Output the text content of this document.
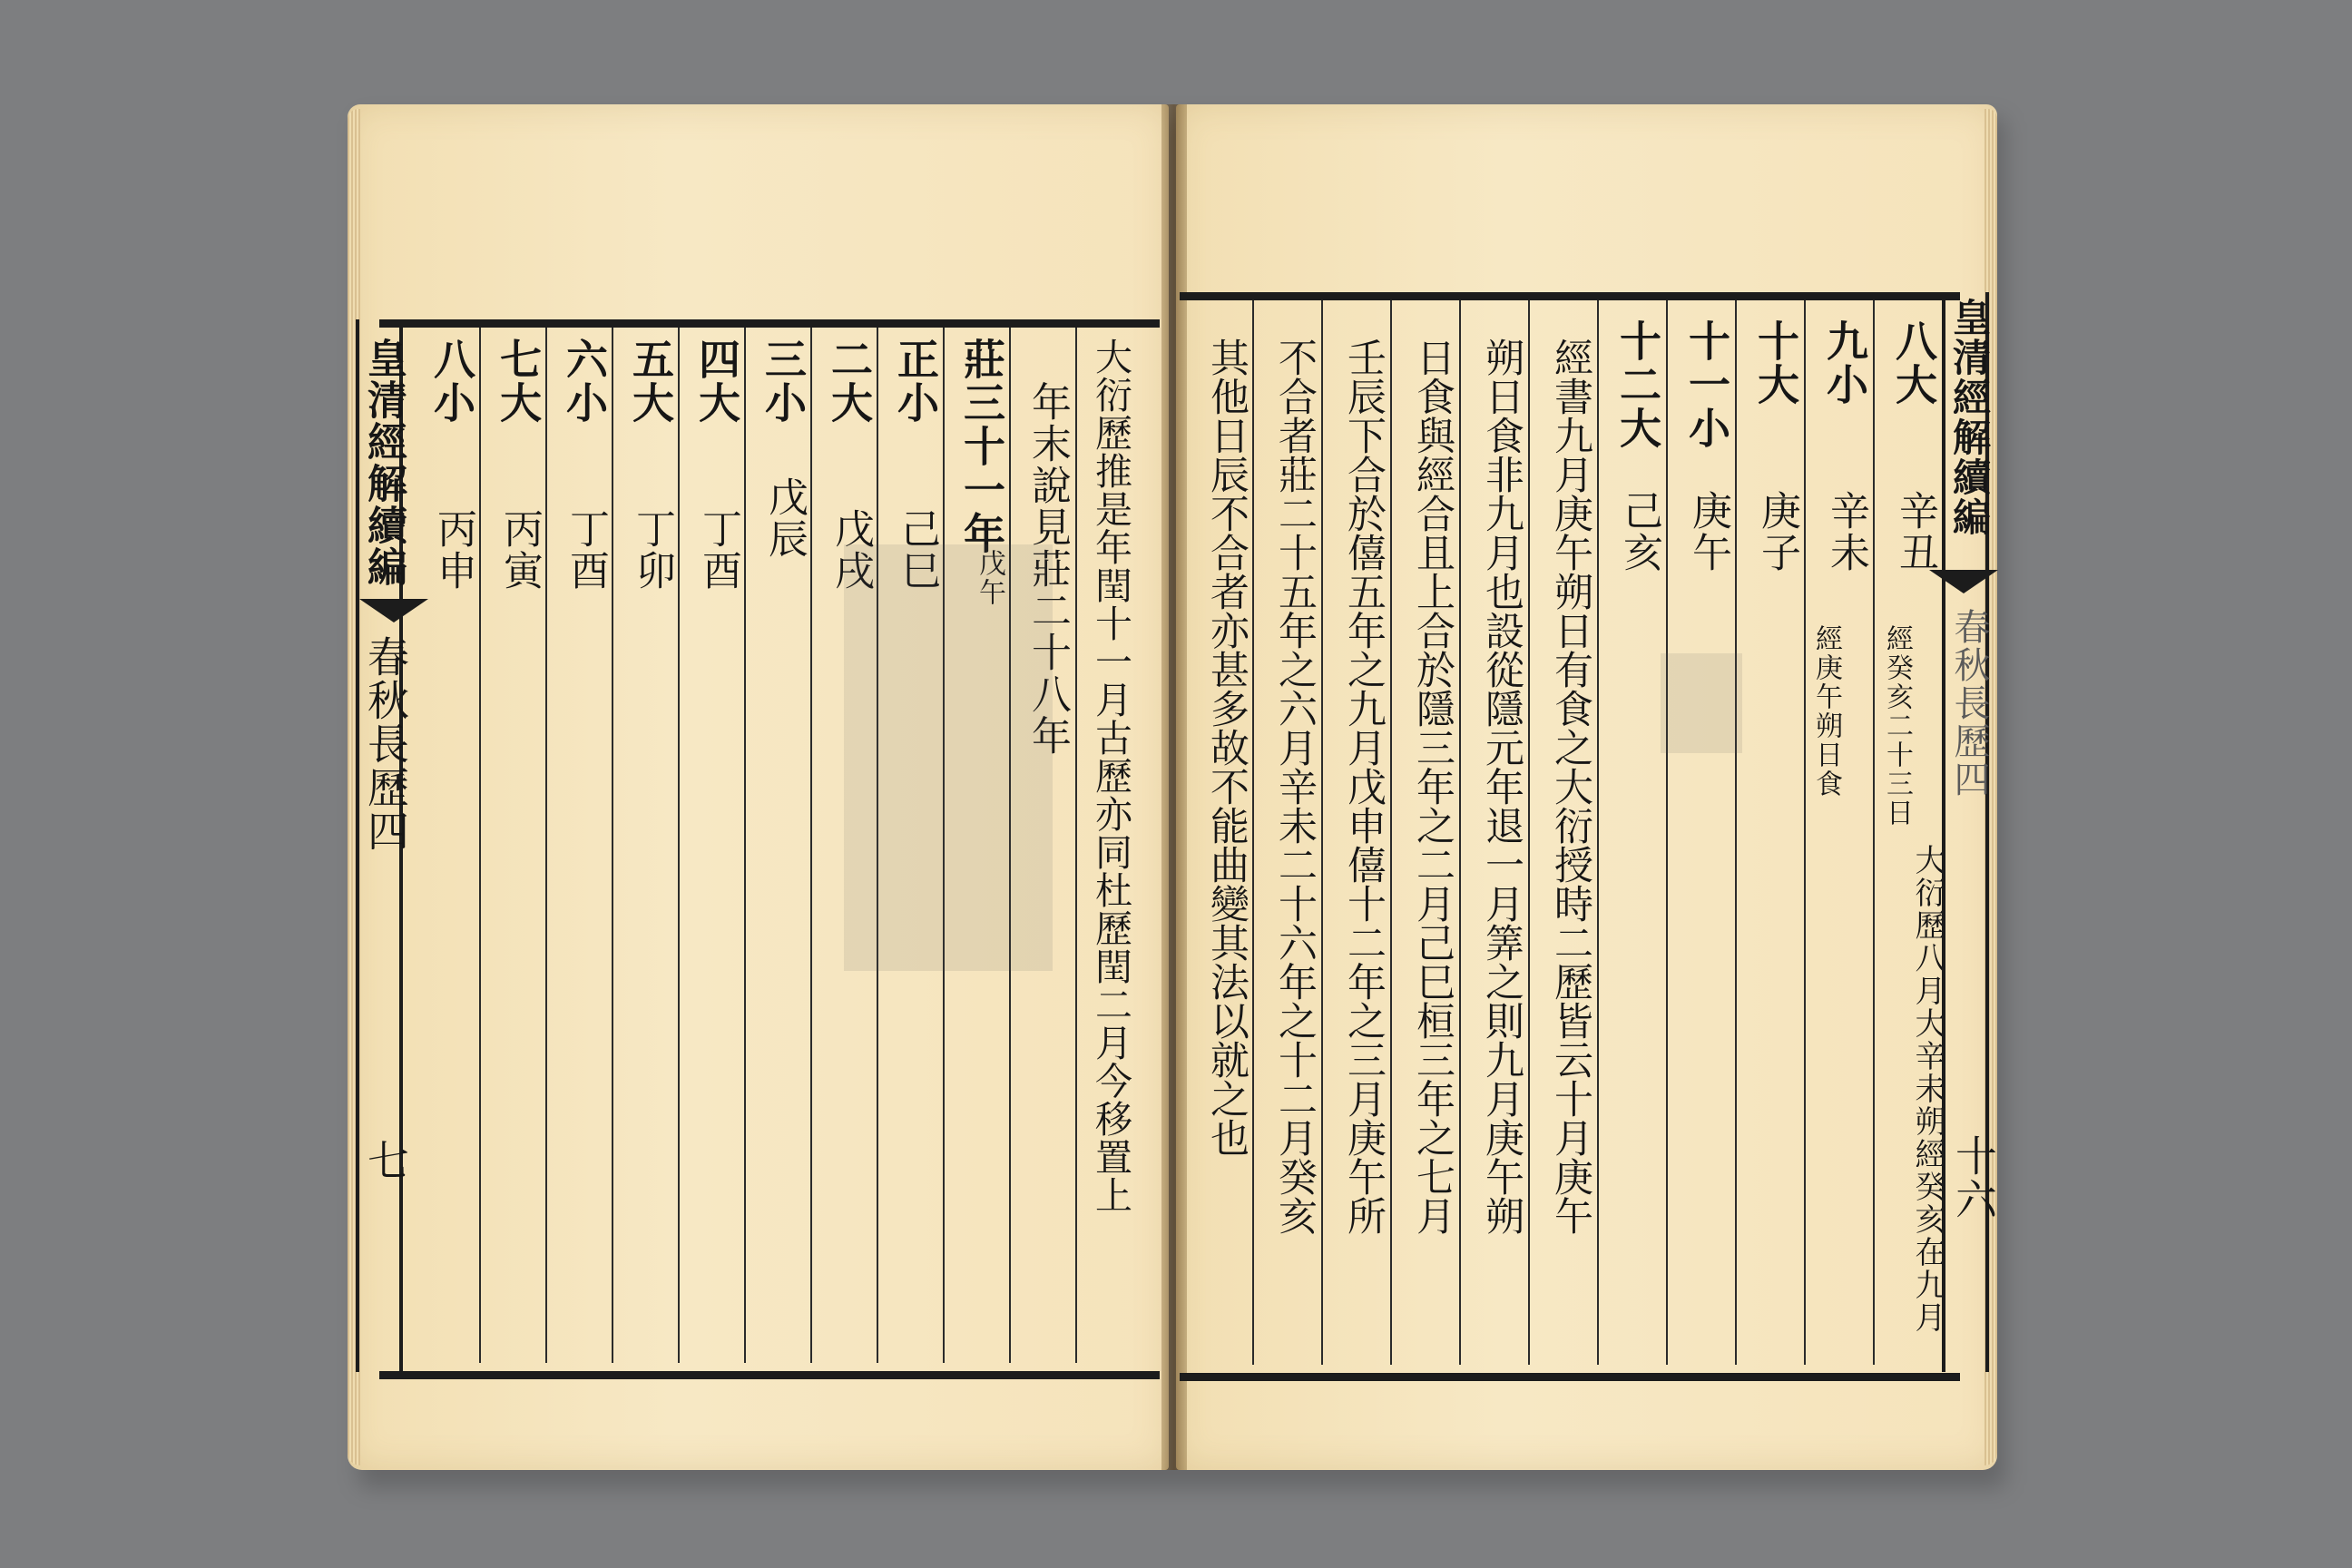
皇清經解續編
春秋長歷四
七
八小
丙申
七大
丙寅
六小
丁酉
五大
丁卯
四大
丁酉
三小
戊辰
二大
戊戌
正小
己巳 莊三十一年
戊午 年末說見莊二十八年 大衍歷推是年閏十一月古歷亦同杜歷閏二月今移置上 其他日辰不合者亦甚多故不能曲變其法以就之也 不合者莊二十五年之六月辛未二十六年之十二月癸亥 壬辰下合於僖五年之九月戊申僖十二年之三月庚午所 日食與經合且上合於隱三年之二月己巳桓三年之七月 朔日食非九月也設從隱元年退一月筭之則九月庚午朔 經書九月庚午朔日有食之大衍授時二歷皆云十月庚午 十二大
己亥
十一小
庚午
十大
庚子
九小
辛未
經庚午朔日食
八大
辛丑
經癸亥二十三日
大衍歷八月大辛未朔經癸亥在九月
皇清經解續編
春秋長歷四
十六
